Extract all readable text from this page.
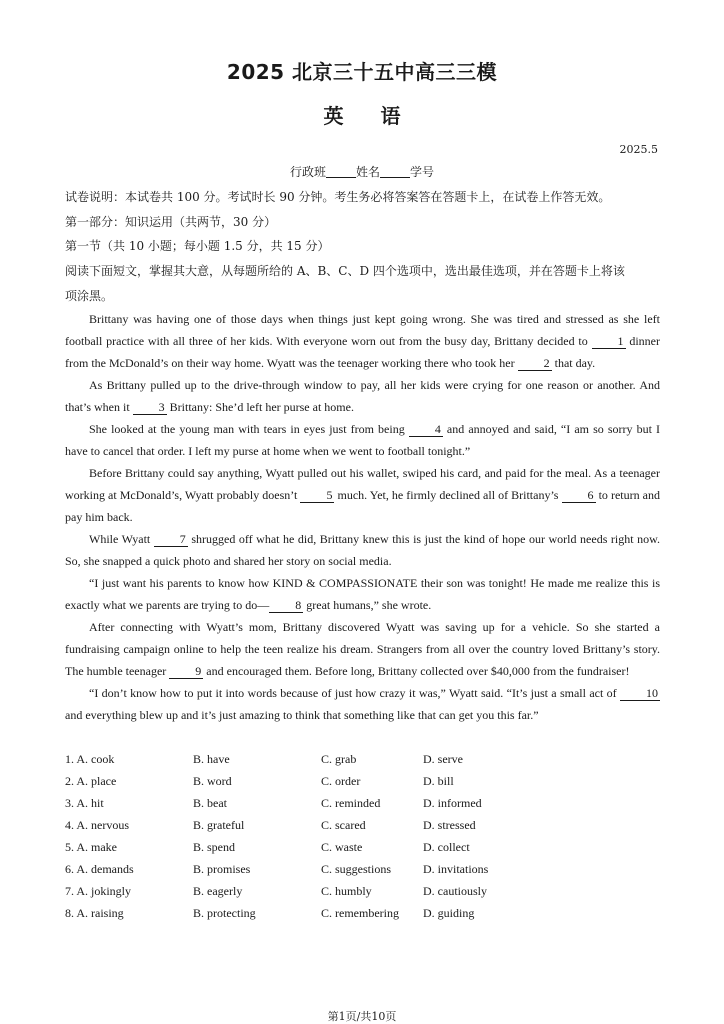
2025 北京三十五中高三三模
英 语
2025.5
行政班	姓名	学号
试卷说明：本试卷共 100 分。考试时长 90 分钟。考生务必将答案答在答题卡上，在试卷上作答无效。
第一部分：知识运用（共两节，30 分）
第一节（共 10 小题；每小题 1.5 分，共 15 分）
阅读下面短文，掌握其大意，从每题所给的 A、B、C、D 四个选项中，选出最佳选项，并在答题卡上将该
项涂黑。

Brittany was having one of those days when things just kept going wrong. She was tired and stressed as she left football practice with all three of her kids. With everyone worn out from the busy day, Brittany decided to 1 dinner from the McDonald’s on their way home. Wyatt was the teenager working there who took her 2 that day.

As Brittany pulled up to the drive-through window to pay, all her kids were crying for one reason or another. And that’s when it 3 Brittany: She’d left her purse at home.

She looked at the young man with tears in eyes just from being 4 and annoyed and said, “I am so sorry but I have to cancel that order. I left my purse at home when we went to football tonight.”

Before Brittany could say anything, Wyatt pulled out his wallet, swiped his card, and paid for the meal. As a teenager working at McDonald’s, Wyatt probably doesn’t 5 much. Yet, he firmly declined all of Brittany’s 6 to return and pay him back.

While Wyatt 7 shrugged off what he did, Brittany knew this is just the kind of hope our world needs right now. So, she snapped a quick photo and shared her story on social media.

“I just want his parents to know how KIND & COMPASSIONATE their son was tonight! He made me realize this is exactly what we parents are trying to do— 8 great humans,” she wrote.

After connecting with Wyatt’s mom, Brittany discovered Wyatt was saving up for a vehicle. So she started a fundraising campaign online to help the teen realize his dream. Strangers from all over the country loved Brittany’s story. The humble teenager 9 and encouraged them. Before long, Brittany collected over $40,000 from the fundraiser!

“I don’t know how to put it into words because of just how crazy it was,” Wyatt said. “It’s just a small act of 10 and everything blew up and it’s just amazing to think that something like that can get you this far.”

1. A. cook	B. have	C. grab	D. serve
2. A. place	B. word	C. order	D. bill
3. A. hit	B. beat	C. reminded	D. informed
4. A. nervous	B. grateful	C. scared	D. stressed
5. A. make	B. spend	C. waste	D. collect
6. A. demands	B. promises	C. suggestions	D. invitations
7. A. jokingly	B. eagerly	C. humbly	D. cautiously
8. A. raising	B. protecting	C. remembering D. guiding
第1页/共10页
